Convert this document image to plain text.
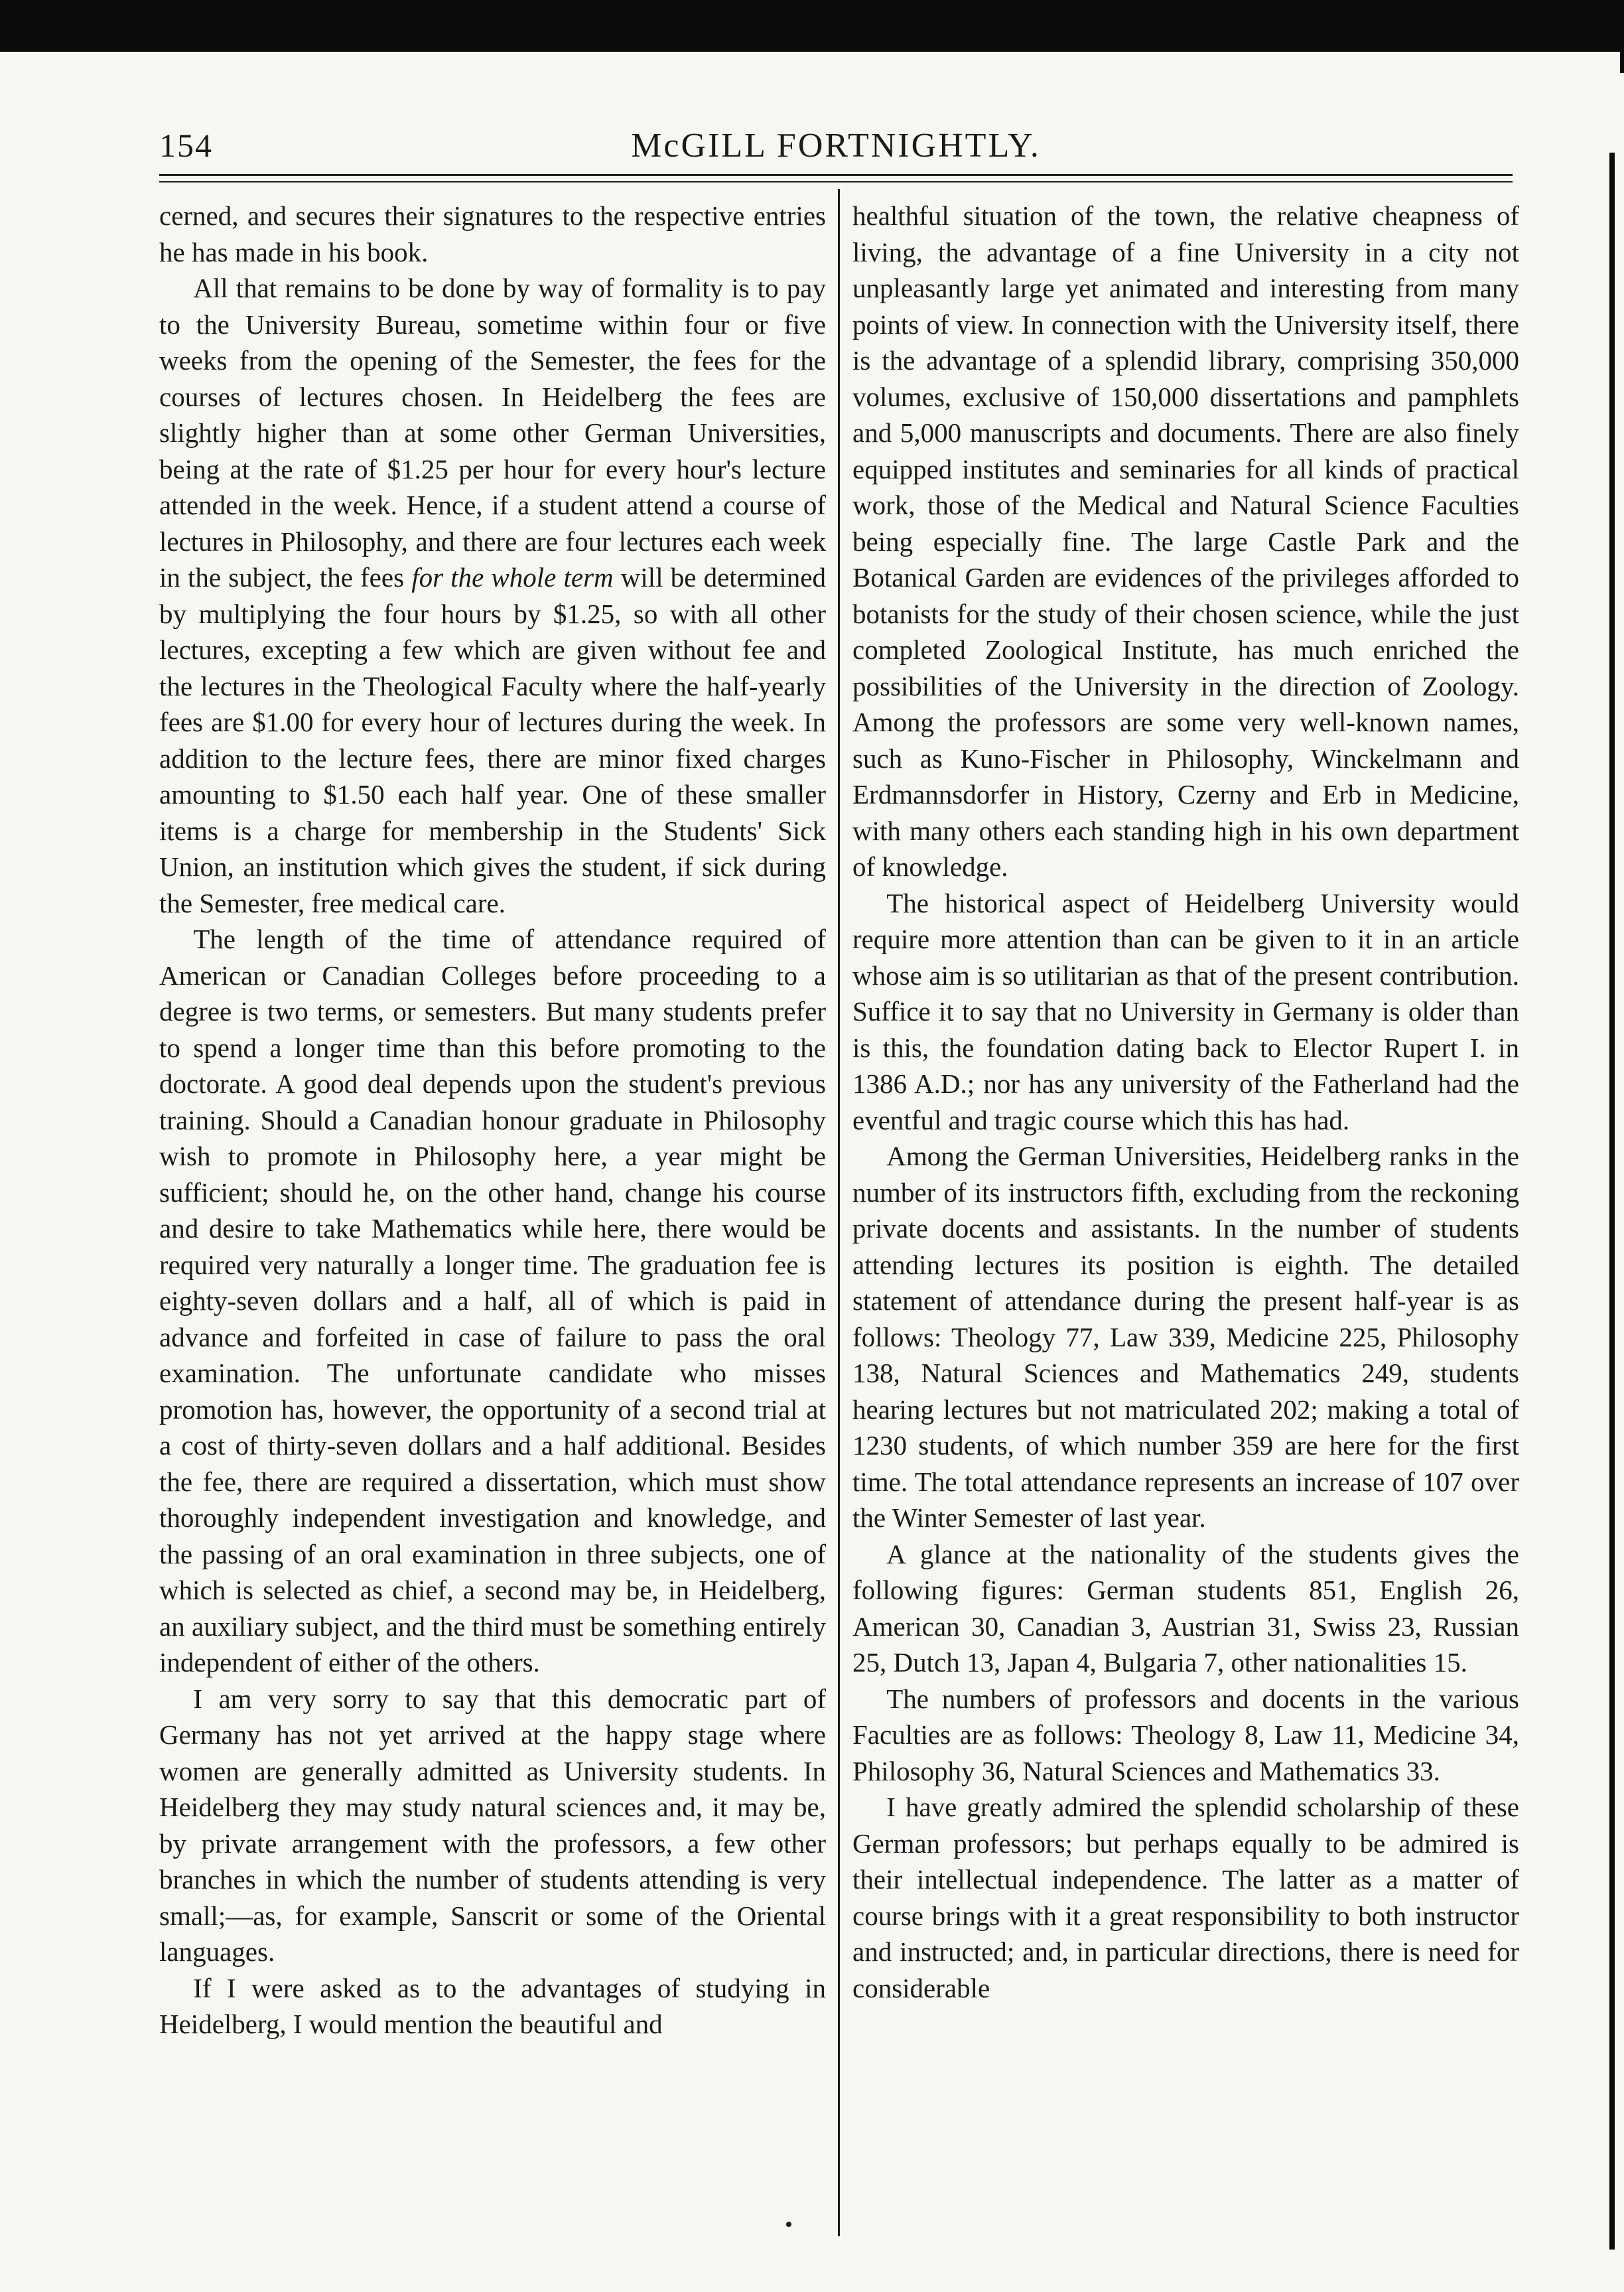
154	McGILL FORTNIGHTLY.

cerned, and secures their signatures to the respective entries he has made in his book.

All that remains to be done by way of formality is to pay to the University Bureau, sometime within four or five weeks from the opening of the Semester, the fees for the courses of lectures chosen. In Heidelberg the fees are slightly higher than at some other German Universities, being at the rate of $1.25 per hour for every hour's lecture attended in the week. Hence, if a student attend a course of lectures in Philosophy, and there are four lectures each week in the subject, the fees for the whole term will be determined by multiplying the four hours by $1.25, so with all other lectures, excepting a few which are given without fee and the lectures in the Theological Faculty where the half-yearly fees are $1.00 for every hour of lectures during the week. In addition to the lecture fees, there are minor fixed charges amounting to $1.50 each half year. One of these smaller items is a charge for membership in the Students' Sick Union, an institution which gives the student, if sick during the Semester, free medical care.

The length of the time of attendance required of American or Canadian Colleges before proceeding to a degree is two terms, or semesters. But many students prefer to spend a longer time than this before promoting to the doctorate. A good deal depends upon the student's previous training. Should a Canadian honour graduate in Philosophy wish to promote in Philosophy here, a year might be sufficient; should he, on the other hand, change his course and desire to take Mathematics while here, there would be required very naturally a longer time. The graduation fee is eighty-seven dollars and a half, all of which is paid in advance and forfeited in case of failure to pass the oral examination. The unfortunate candidate who misses promotion has, however, the opportunity of a second trial at a cost of thirty-seven dollars and a half additional. Besides the fee, there are required a dissertation, which must show thoroughly independent investigation and knowledge, and the passing of an oral examination in three subjects, one of which is selected as chief, a second may be, in Heidelberg, an auxiliary subject, and the third must be something entirely independent of either of the others.

I am very sorry to say that this democratic part of Germany has not yet arrived at the happy stage where women are generally admitted as University students. In Heidelberg they may study natural sciences and, it may be, by private arrangement with the professors, a few other branches in which the number of students attending is very small;—as, for example, Sanscrit or some of the Oriental languages.

If I were asked as to the advantages of studying in Heidelberg, I would mention the beautiful and

healthful situation of the town, the relative cheapness of living, the advantage of a fine University in a city not unpleasantly large yet animated and interesting from many points of view. In connection with the University itself, there is the advantage of a splendid library, comprising 350,000 volumes, exclusive of 150,000 dissertations and pamphlets and 5,000 manuscripts and documents. There are also finely equipped institutes and seminaries for all kinds of practical work, those of the Medical and Natural Science Faculties being especially fine. The large Castle Park and the Botanical Garden are evidences of the privileges afforded to botanists for the study of their chosen science, while the just completed Zoological Institute, has much enriched the possibilities of the University in the direction of Zoology. Among the professors are some very well-known names, such as Kuno-Fischer in Philosophy, Winckelmann and Erdmannsdorfer in History, Czerny and Erb in Medicine, with many others each standing high in his own department of knowledge.

The historical aspect of Heidelberg University would require more attention than can be given to it in an article whose aim is so utilitarian as that of the present contribution. Suffice it to say that no University in Germany is older than is this, the foundation dating back to Elector Rupert I. in 1386 A.D.; nor has any university of the Fatherland had the eventful and tragic course which this has had.

Among the German Universities, Heidelberg ranks in the number of its instructors fifth, excluding from the reckoning private docents and assistants. In the number of students attending lectures its position is eighth. The detailed statement of attendance during the present half-year is as follows: Theology 77, Law 339, Medicine 225, Philosophy 138, Natural Sciences and Mathematics 249, students hearing lectures but not matriculated 202; making a total of 1230 students, of which number 359 are here for the first time. The total attendance represents an increase of 107 over the Winter Semester of last year.

A glance at the nationality of the students gives the following figures: German students 851, English 26, American 30, Canadian 3, Austrian 31, Swiss 23, Russian 25, Dutch 13, Japan 4, Bulgaria 7, other nationalities 15.

The numbers of professors and docents in the various Faculties are as follows: Theology 8, Law 11, Medicine 34, Philosophy 36, Natural Sciences and Mathematics 33.

I have greatly admired the splendid scholarship of these German professors; but perhaps equally to be admired is their intellectual independence. The latter as a matter of course brings with it a great responsibility to both instructor and instructed; and, in particular directions, there is need for considerable
